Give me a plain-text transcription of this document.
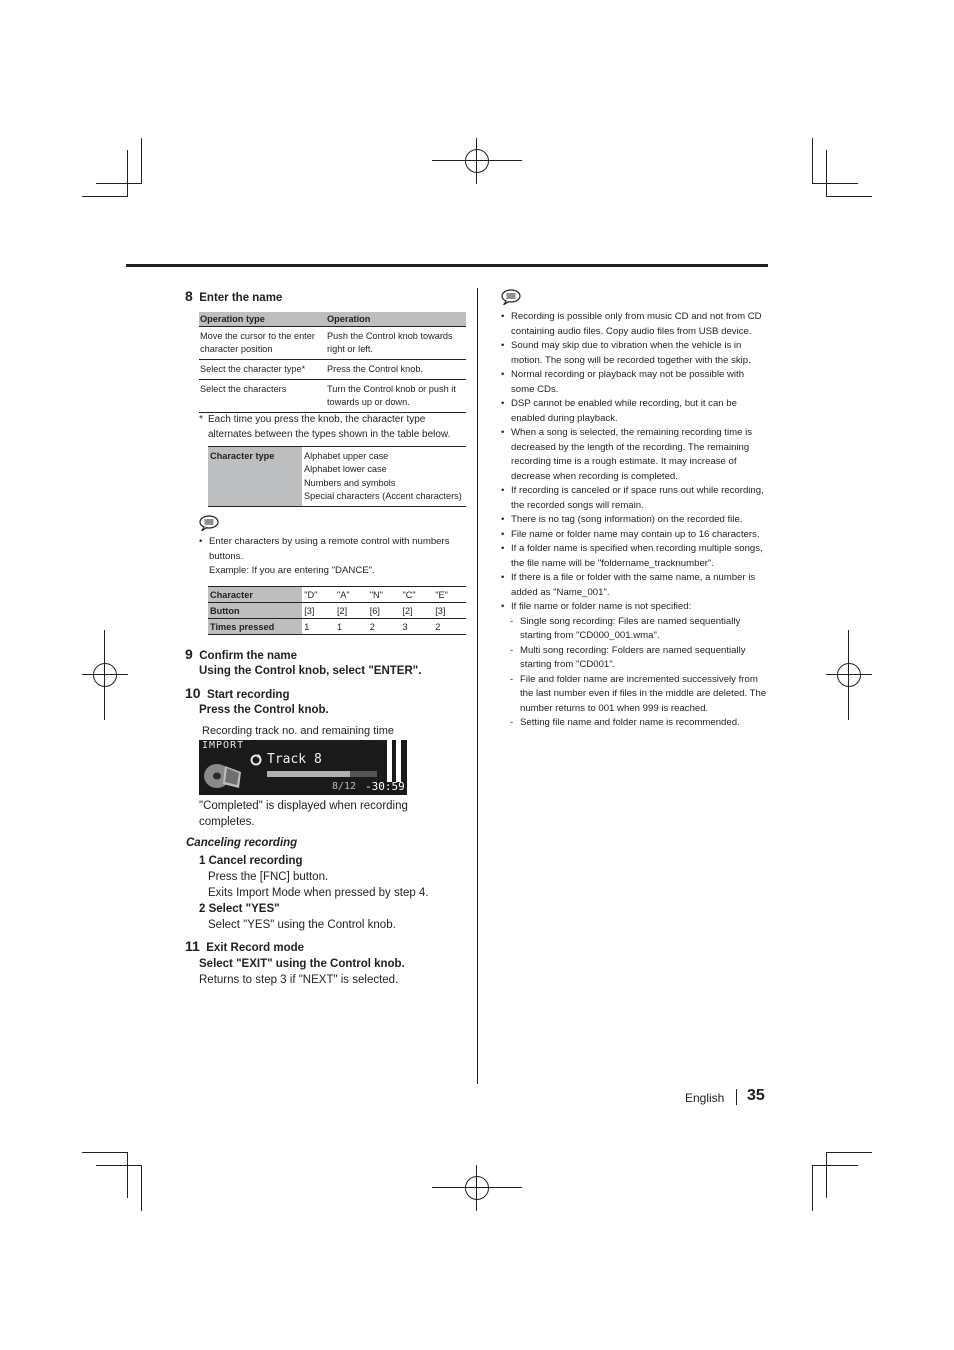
8 Enter the name
Operation type	Operation
Move the cursor to the enter character position	Push the Control knob towards right or left.
Select the character type*	Press the Control knob.
Select the characters	Turn the Control knob or push it towards up or down.
* Each time you press the knob, the character type alternates between the types shown in the table below.
Character type	Alphabet upper case
Alphabet lower case
Numbers and symbols
Special characters (Accent characters)
• Enter characters by using a remote control with numbers buttons.
Example: If you are entering "DANCE".
Character	"D"	"A"	"N"	"C"	"E"
Button	[3]	[2]	[6]	[2]	[3]
Times pressed	1	1	2	3	2
9 Confirm the name
Using the Control knob, select "ENTER".
10 Start recording
Press the Control knob.
Recording track no. and remaining time
IMPORT
Track 8
8/12 -30:59
"Completed" is displayed when recording completes.
Canceling recording
1 Cancel recording
Press the [FNC] button.
Exits Import Mode when pressed by step 4.
2 Select "YES"
Select "YES" using the Control knob.
11 Exit Record mode
Select "EXIT" using the Control knob.
Returns to step 3 if "NEXT" is selected.
• Recording is possible only from music CD and not from CD containing audio files. Copy audio files from USB device.
• Sound may skip due to vibration when the vehicle is in motion. The song will be recorded together with the skip.
• Normal recording or playback may not be possible with some CDs.
• DSP cannot be enabled while recording, but it can be enabled during playback.
• When a song is selected, the remaining recording time is decreased by the length of the recording. The remaining recording time is a rough estimate. It may increase of decrease when recording is completed.
• If recording is canceled or if space runs out while recording, the recorded songs will remain.
• There is no tag (song information) on the recorded file.
• File name or folder name may contain up to 16 characters.
• If a folder name is specified when recording multiple songs, the file name will be "foldername_tracknumber".
• If there is a file or folder with the same name, a number is added as "Name_001".
• If file name or folder name is not specified:
- Single song recording: Files are named sequentially starting from "CD000_001.wma".
- Multi song recording: Folders are named sequentially starting from "CD001".
- File and folder name are incremented successively from the last number even if files in the middle are deleted. The number returns to 001 when 999 is reached.
- Setting file name and folder name is recommended.
English 35
